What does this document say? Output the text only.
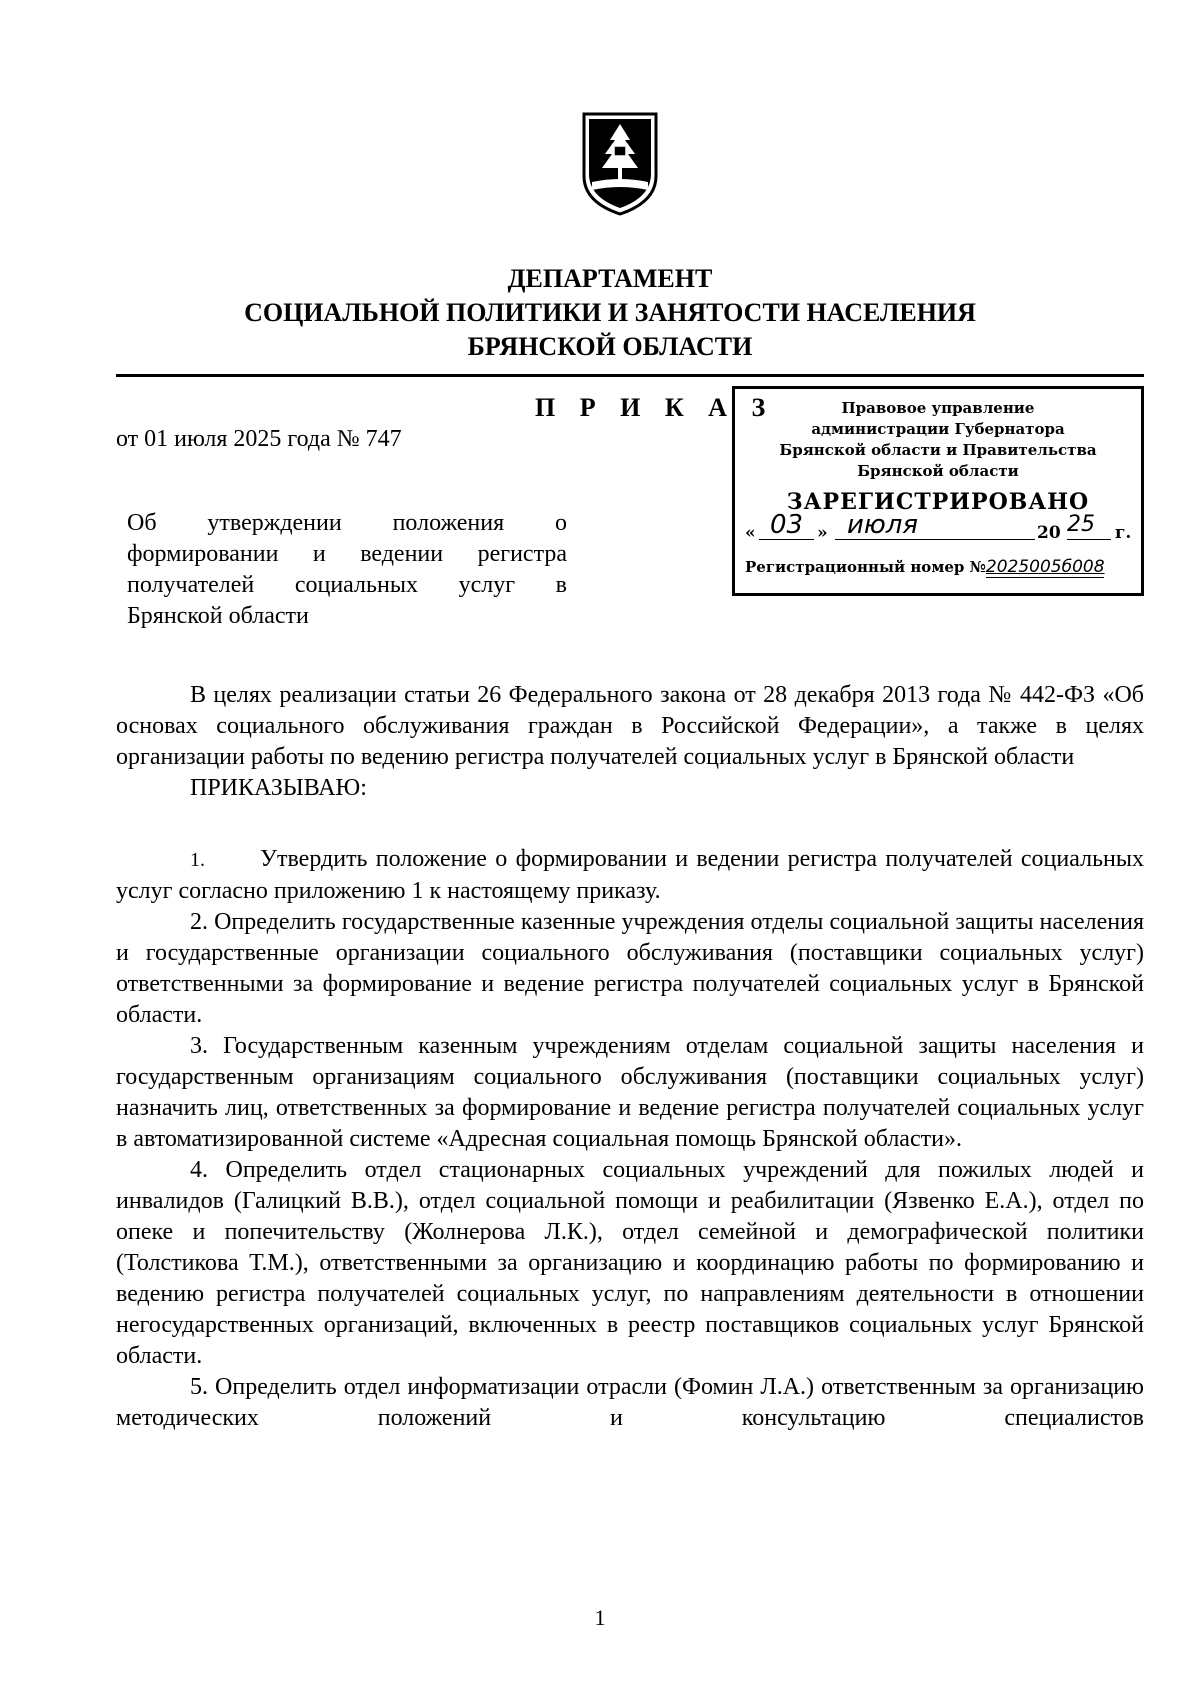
ДЕПАРТАМЕНТ
СОЦИАЛЬНОЙ ПОЛИТИКИ И ЗАНЯТОСТИ НАСЕЛЕНИЯ
БРЯНСКОЙ ОБЛАСТИ
П Р И К А З
от 01 июля 2025 года № 747
Правовое управление
администрации Губернатора
Брянской области и Правительства
Брянской области
ЗАРЕГИСТРИРОВАНО
« 03 » июля	20 25	г.
Регистрационный номер №2025005б008
Об утверждении положения о
формировании и ведении регистра
получателей социальных услуг в
Брянской области

В целях реализации статьи 26 Федерального закона от 28 декабря 2013 года № 442-ФЗ «Об основах социального обслуживания граждан в Российской Федерации», а также в целях организации работы по ведению регистра получателей социальных услуг в Брянской области

ПРИКАЗЫВАЮ:

1. Утвердить положение о формировании и ведении регистра получателей социальных услуг согласно приложению 1 к настоящему приказу.

2. Определить государственные казенные учреждения отделы социальной защиты населения и государственные организации социального обслуживания (поставщики социальных услуг) ответственными за формирование и ведение регистра получателей социальных услуг в Брянской области.

3. Государственным казенным учреждениям отделам социальной защиты населения и государственным организациям социального обслуживания (поставщики социальных услуг) назначить лиц, ответственных за формирование и ведение регистра получателей социальных услуг в автоматизированной системе «Адресная социальная помощь Брянской области».

4. Определить отдел стационарных социальных учреждений для пожилых людей и инвалидов (Галицкий В.В.), отдел социальной помощи и реабилитации (Язвенко Е.А.), отдел по опеке и попечительству (Жолнерова Л.К.), отдел семейной и демографической политики (Толстикова Т.М.), ответственными за организацию и координацию работы по формированию и ведению регистра получателей социальных услуг, по направлениям деятельности в отношении негосударственных организаций, включенных в реестр поставщиков социальных услуг Брянской области.

5. Определить отдел информатизации отрасли (Фомин Л.А.) ответственным за организацию методических положений и консультацию специалистов

1
